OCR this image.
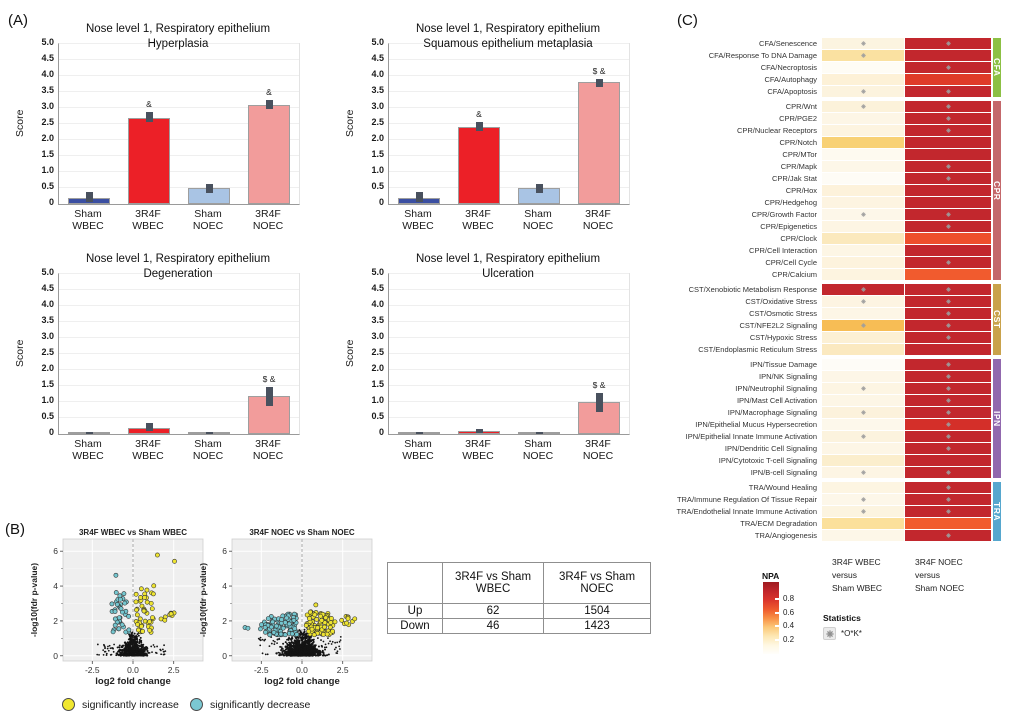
(A)
(B)
(C)
Nose level 1, Respiratory epithelium
Hyperplasia
Score
&
&
5.0
4.5
4.0
3.5
3.0
2.5
2.0
1.5
1.0
0.5
0
Sham
WBEC
3R4F
WBEC
Sham
NOEC
3R4F
NOEC
Nose level 1, Respiratory epithelium
Squamous epithelium metaplasia
Score	&
$ &
5.0
4.5
4.0
3.5
3.0
2.5
2.0
1.5
1.0
0.5
0
Sham
WBEC
3R4F
WBEC
Sham
NOEC
3R4F
NOEC
Nose level 1, Respiratory epithelium
Degeneration
Score
$ &
5.0
4.5
4.0
3.5
3.0
2.5
2.0
1.5
1.0
0.5
0
Sham
WBEC
3R4F
WBEC
Sham
NOEC
3R4F
NOEC
Nose level 1, Respiratory epithelium
Ulceration
Score
$ &
5.0
4.5
4.0
3.5
3.0
2.5
2.0
1.5
1.0
0.5
0
Sham
WBEC
3R4F
WBEC
Sham
NOEC
3R4F
NOEC
3R4F WBEC vs Sham WBEC
0
2
4
6
-2.5	0.0	2.5
log2 fold change
-log10(fdr p-value)
3R4F NOEC vs Sham NOEC
0
2
4
6
-2.5	0.0	2.5
log2 fold change
-log10(fdr p-value)
		3R4F vs Sham
WBEC

3R4F vs Sham
NOEC

Up	62	1504
Down	46	1423
significantly increase	significantly decrease
CFA/Senescence
CFA/Response To DNA Damage
CFA/Necroptosis
CFA/Autophagy
CFA/Apoptosis
CPR/Wnt
CPR/PGE2
CPR/Nuclear Receptors
CPR/Notch
CPR/MTor
CPR/Mapk
CPR/Jak Stat
CPR/Hox
CPR/Hedgehog
CPR/Growth Factor
CPR/Epigenetics
CPR/Clock
CPR/Cell Interaction
CPR/Cell Cycle
CPR/Calcium
CST/Xenobiotic Metabolism Response
CST/Oxidative Stress
CST/Osmotic Stress
CST/NFE2L2 Signaling
CST/Hypoxic Stress
CST/Endoplasmic Reticulum Stress
IPN/Tissue Damage
IPN/NK Signaling
IPN/Neutrophil Signaling
IPN/Mast Cell Activation
IPN/Macrophage Signaling
IPN/Epithelial Mucus Hypersecretion
IPN/Epithelial Innate Immune Activation
IPN/Dendritic Cell Signaling
IPN/Cytotoxic T-cell Signaling
IPN/B-cell Signaling
TRA/Wound Healing
TRA/Immune Regulation Of Tissue Repair
TRA/Endothelial Innate Immune Activation
TRA/ECM Degradation
TRA/Angiogenesis
CFA
CPR
CST
IPN
TRA
3R4F WBEC
versus
Sham WBEC
3R4F NOEC
versus
Sham NOEC
NPA
0.8
0.6
0.4
0.2
Statistics
*O*K*
